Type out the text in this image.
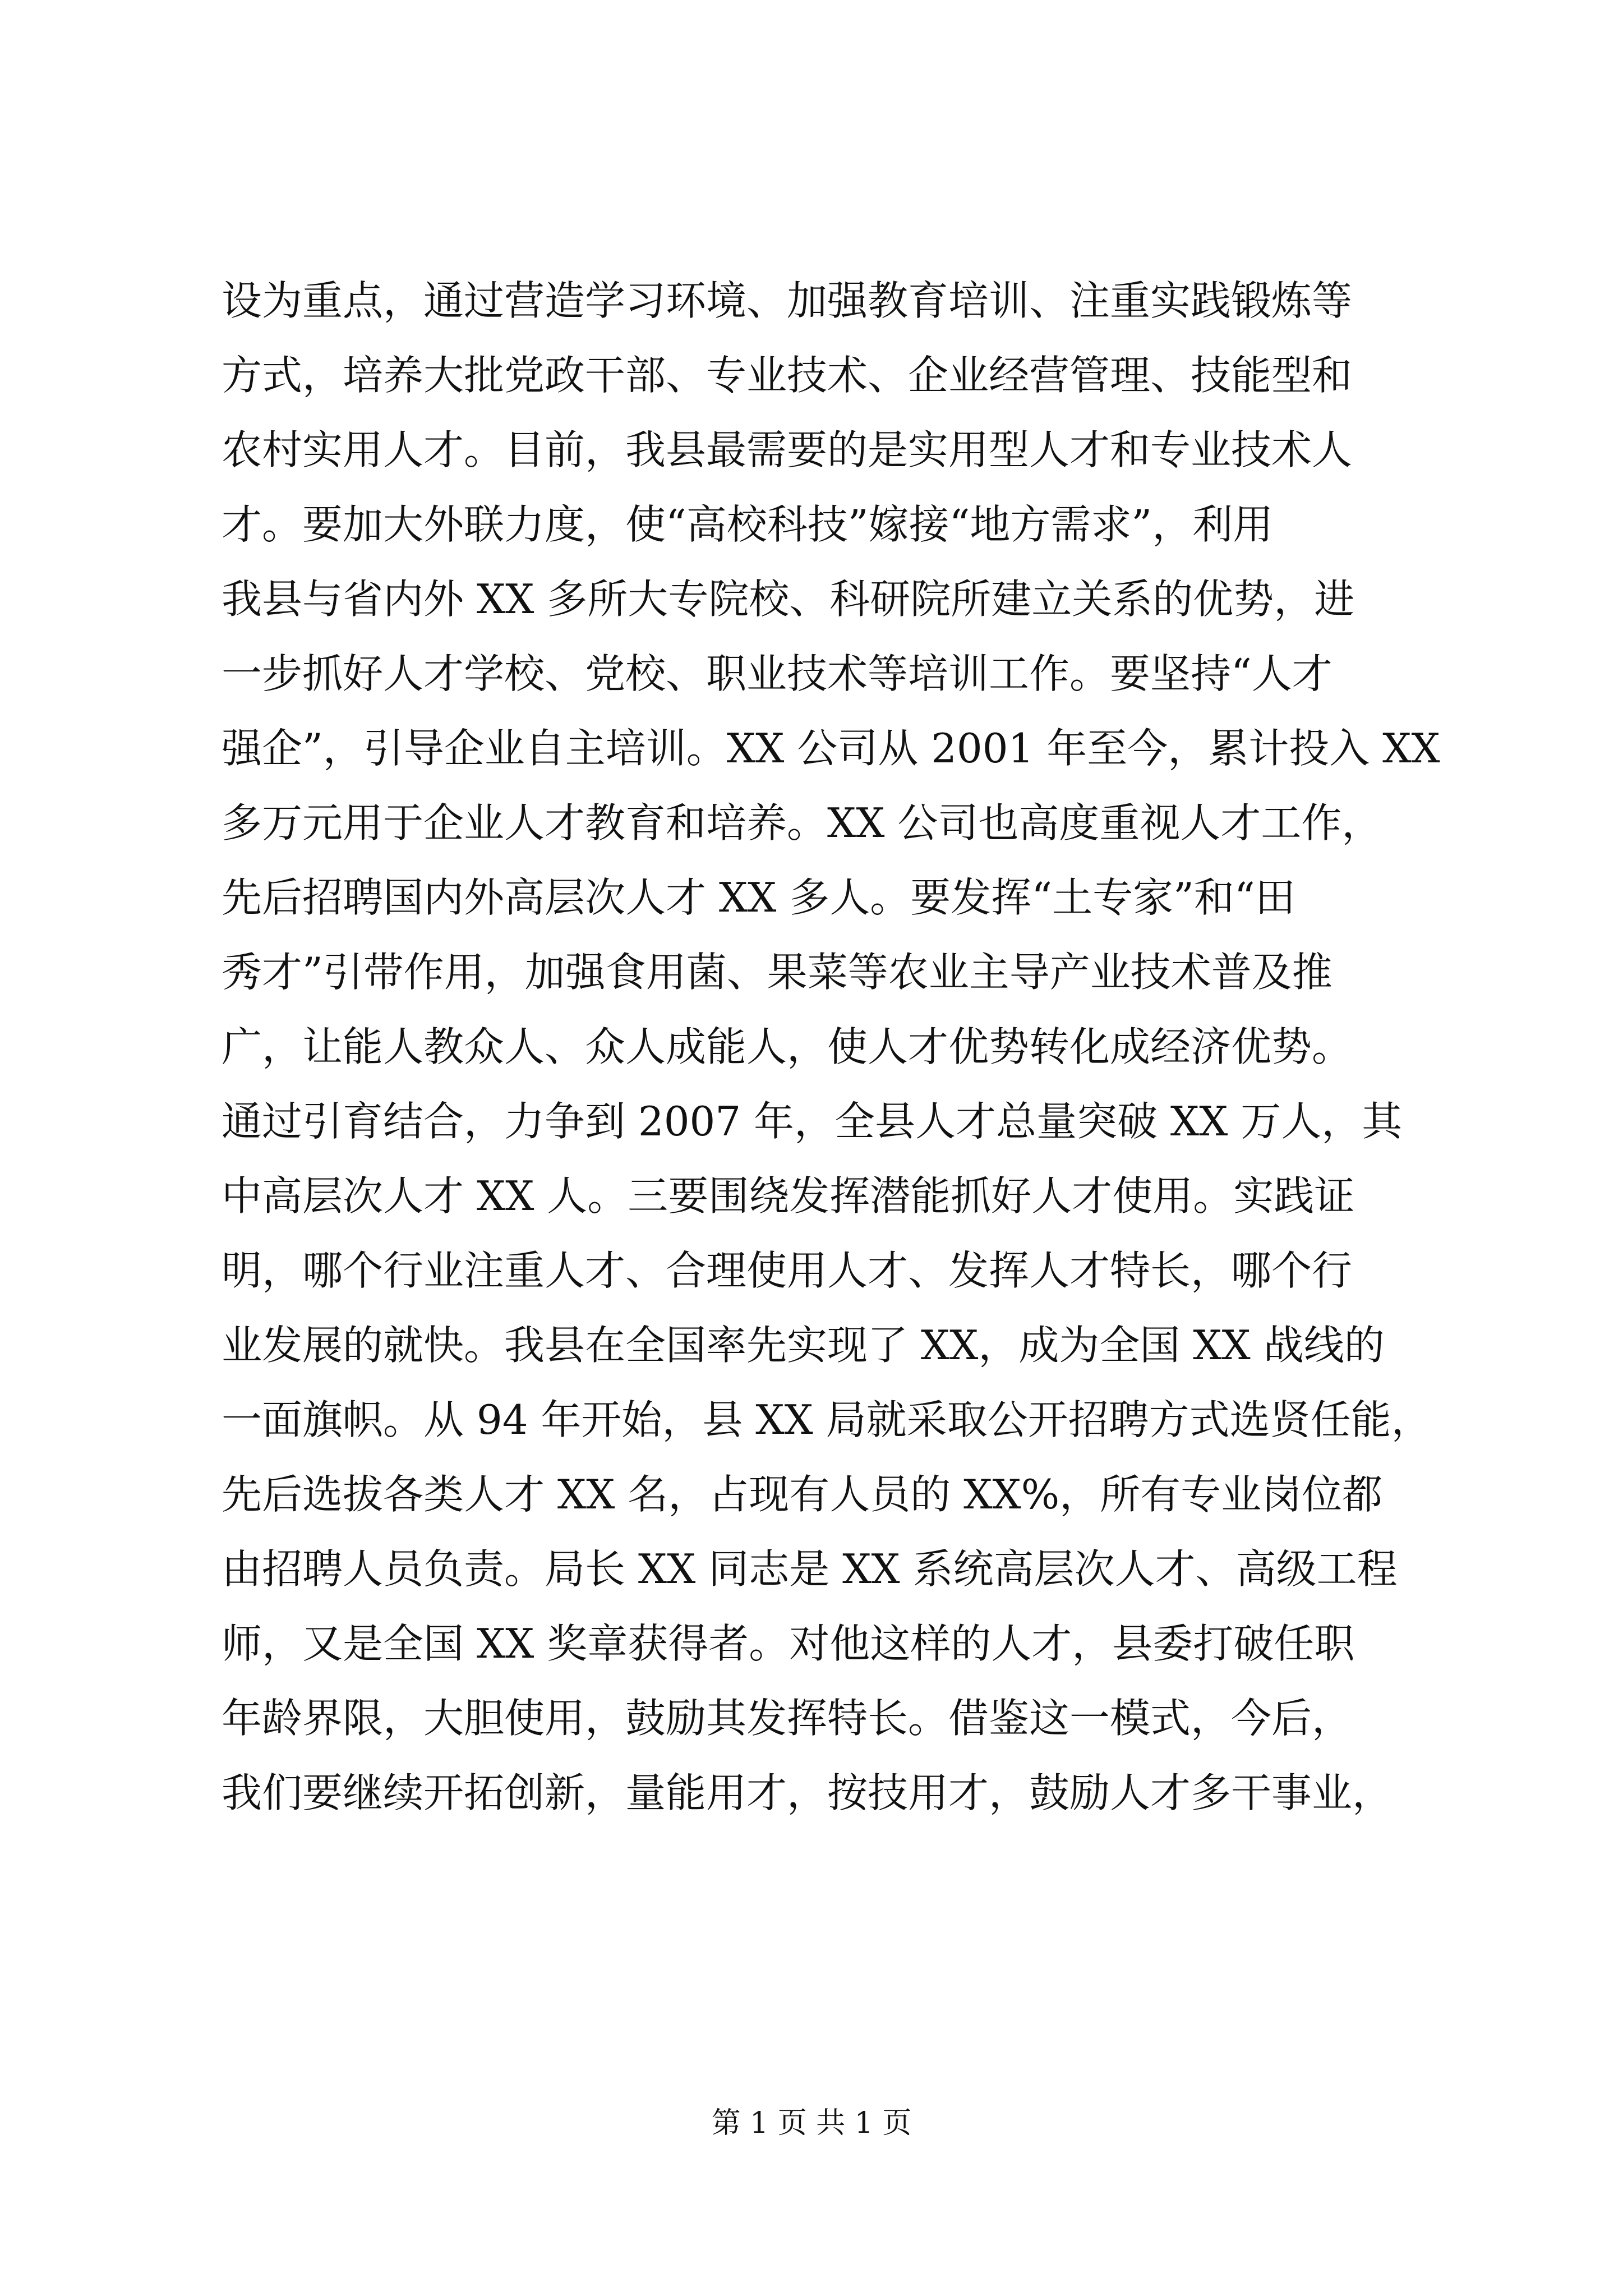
设为重点，通过营造学习环境、加强教育培训、注重实践锻炼等
方式，培养大批党政干部、专业技术、企业经营管理、技能型和
农村实用人才。目前，我县最需要的是实用型人才和专业技术人
才。要加大外联力度，使“高校科技”嫁接“地方需求”，利用
我县与省内外 XX 多所大专院校、科研院所建立关系的优势，进
一步抓好人才学校、党校、职业技术等培训工作。要坚持“人才
强企”，引导企业自主培训。XX 公司从 2001 年至今，累计投入 XX
多万元用于企业人才教育和培养。XX 公司也高度重视人才工作，
先后招聘国内外高层次人才 XX 多人。要发挥“土专家”和“田
秀才”引带作用，加强食用菌、果菜等农业主导产业技术普及推
广，让能人教众人、众人成能人，使人才优势转化成经济优势。
通过引育结合，力争到 2007 年，全县人才总量突破 XX 万人，其
中高层次人才 XX 人。三要围绕发挥潜能抓好人才使用。实践证
明，哪个行业注重人才、合理使用人才、发挥人才特长，哪个行
业发展的就快。我县在全国率先实现了 XX，成为全国 XX 战线的
一面旗帜。从 94 年开始，县 XX 局就采取公开招聘方式选贤任能，
先后选拔各类人才 XX 名，占现有人员的 XX%，所有专业岗位都
由招聘人员负责。局长 XX 同志是 XX 系统高层次人才、高级工程
师，又是全国 XX 奖章获得者。对他这样的人才，县委打破任职
年龄界限，大胆使用，鼓励其发挥特长。借鉴这一模式，今后，
我们要继续开拓创新，量能用才，按技用才，鼓励人才多干事业，
第 1 页 共 1 页
